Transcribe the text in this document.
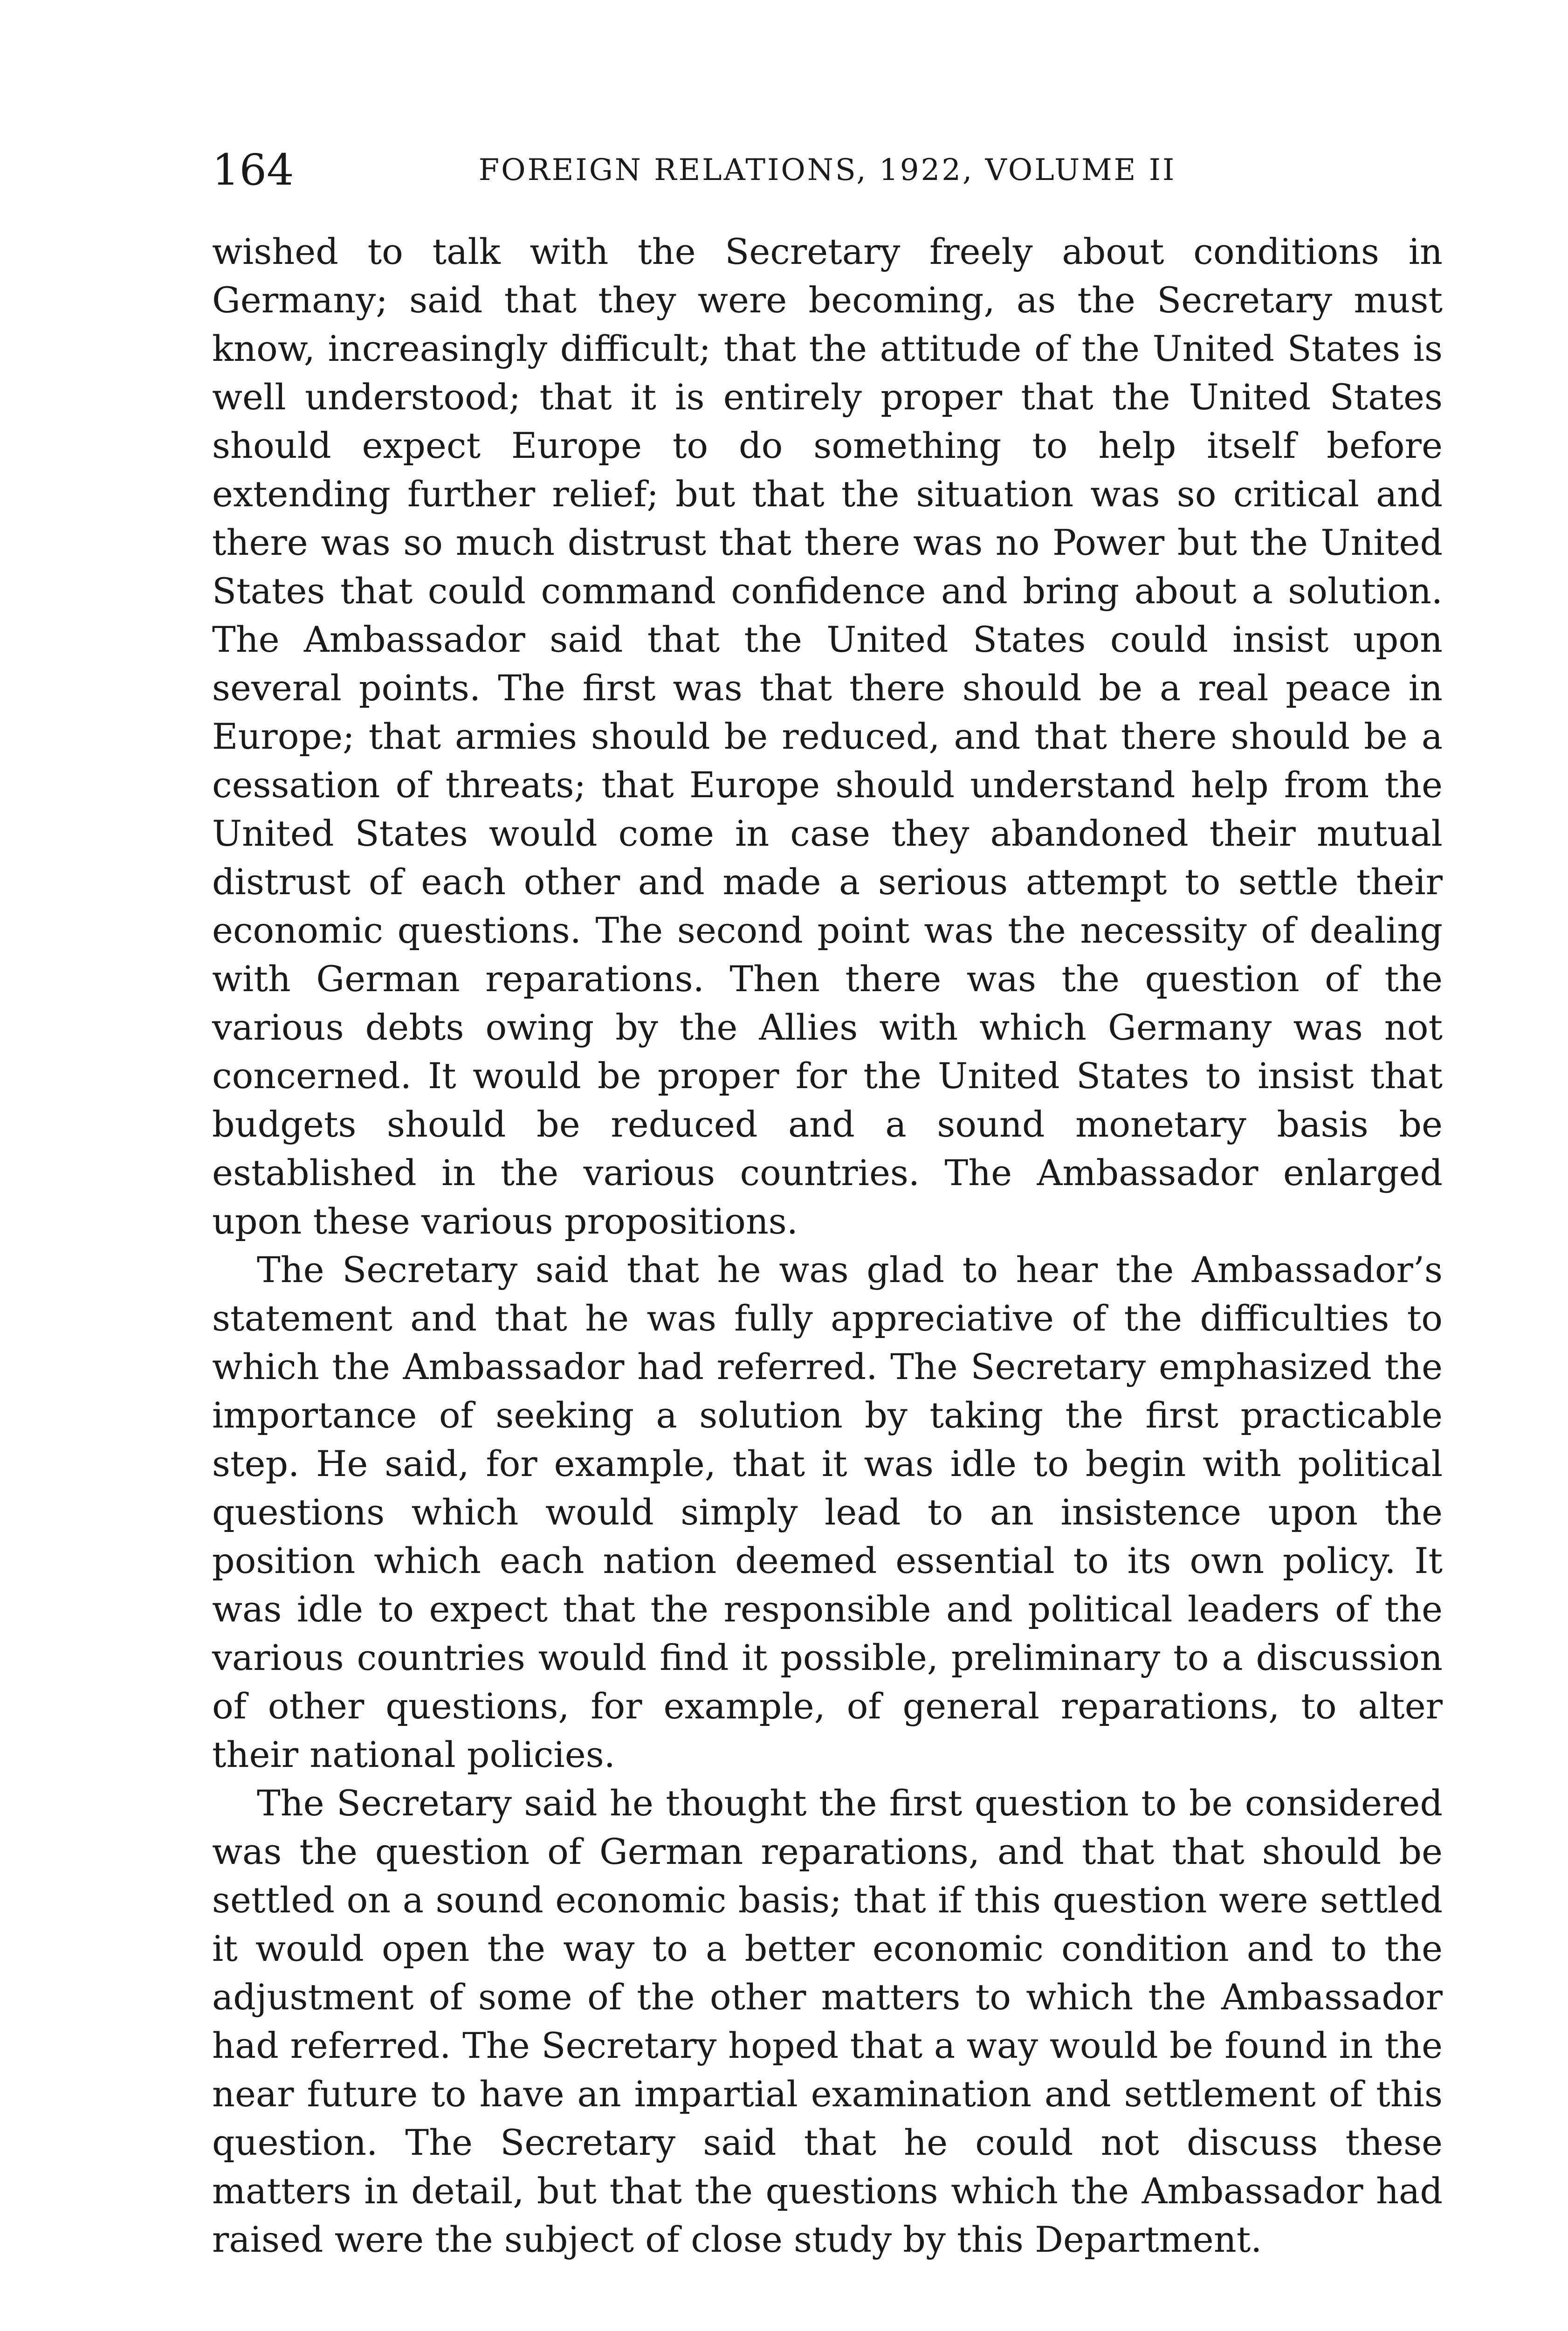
164	FOREIGN RELATIONS, 1922, VOLUME II

wished to talk with the Secretary freely about conditions in Germany; said that they were becoming, as the Secretary must know, increasingly difficult; that the attitude of the United States is well understood; that it is entirely proper that the United States should expect Europe to do something to help itself before extending further relief; but that the situation was so critical and there was so much distrust that there was no Power but the United States that could command confidence and bring about a solution. The Ambassador said that the United States could insist upon several points. The first was that there should be a real peace in Europe; that armies should be reduced, and that there should be a cessation of threats; that Europe should understand help from the United States would come in case they abandoned their mutual distrust of each other and made a serious attempt to settle their economic questions. The second point was the necessity of dealing with German reparations. Then there was the question of the various debts owing by the Allies with which Germany was not concerned. It would be proper for the United States to insist that budgets should be reduced and a sound monetary basis be established in the various countries. The Ambassador enlarged upon these various propositions.

The Secretary said that he was glad to hear the Ambassador’s statement and that he was fully appreciative of the difficulties to which the Ambassador had referred. The Secretary emphasized the importance of seeking a solution by taking the first practicable step. He said, for example, that it was idle to begin with political questions which would simply lead to an insistence upon the position which each nation deemed essential to its own policy. It was idle to expect that the responsible and political leaders of the various countries would find it possible, preliminary to a discussion of other questions, for example, of general reparations, to alter their national policies.

The Secretary said he thought the first question to be considered was the question of German reparations, and that that should be settled on a sound economic basis; that if this question were settled it would open the way to a better economic condition and to the adjustment of some of the other matters to which the Ambassador had referred. The Secretary hoped that a way would be found in the near future to have an impartial examination and settlement of this question. The Secretary said that he could not discuss these matters in detail, but that the questions which the Ambassador had raised were the subject of close study by this Department.
